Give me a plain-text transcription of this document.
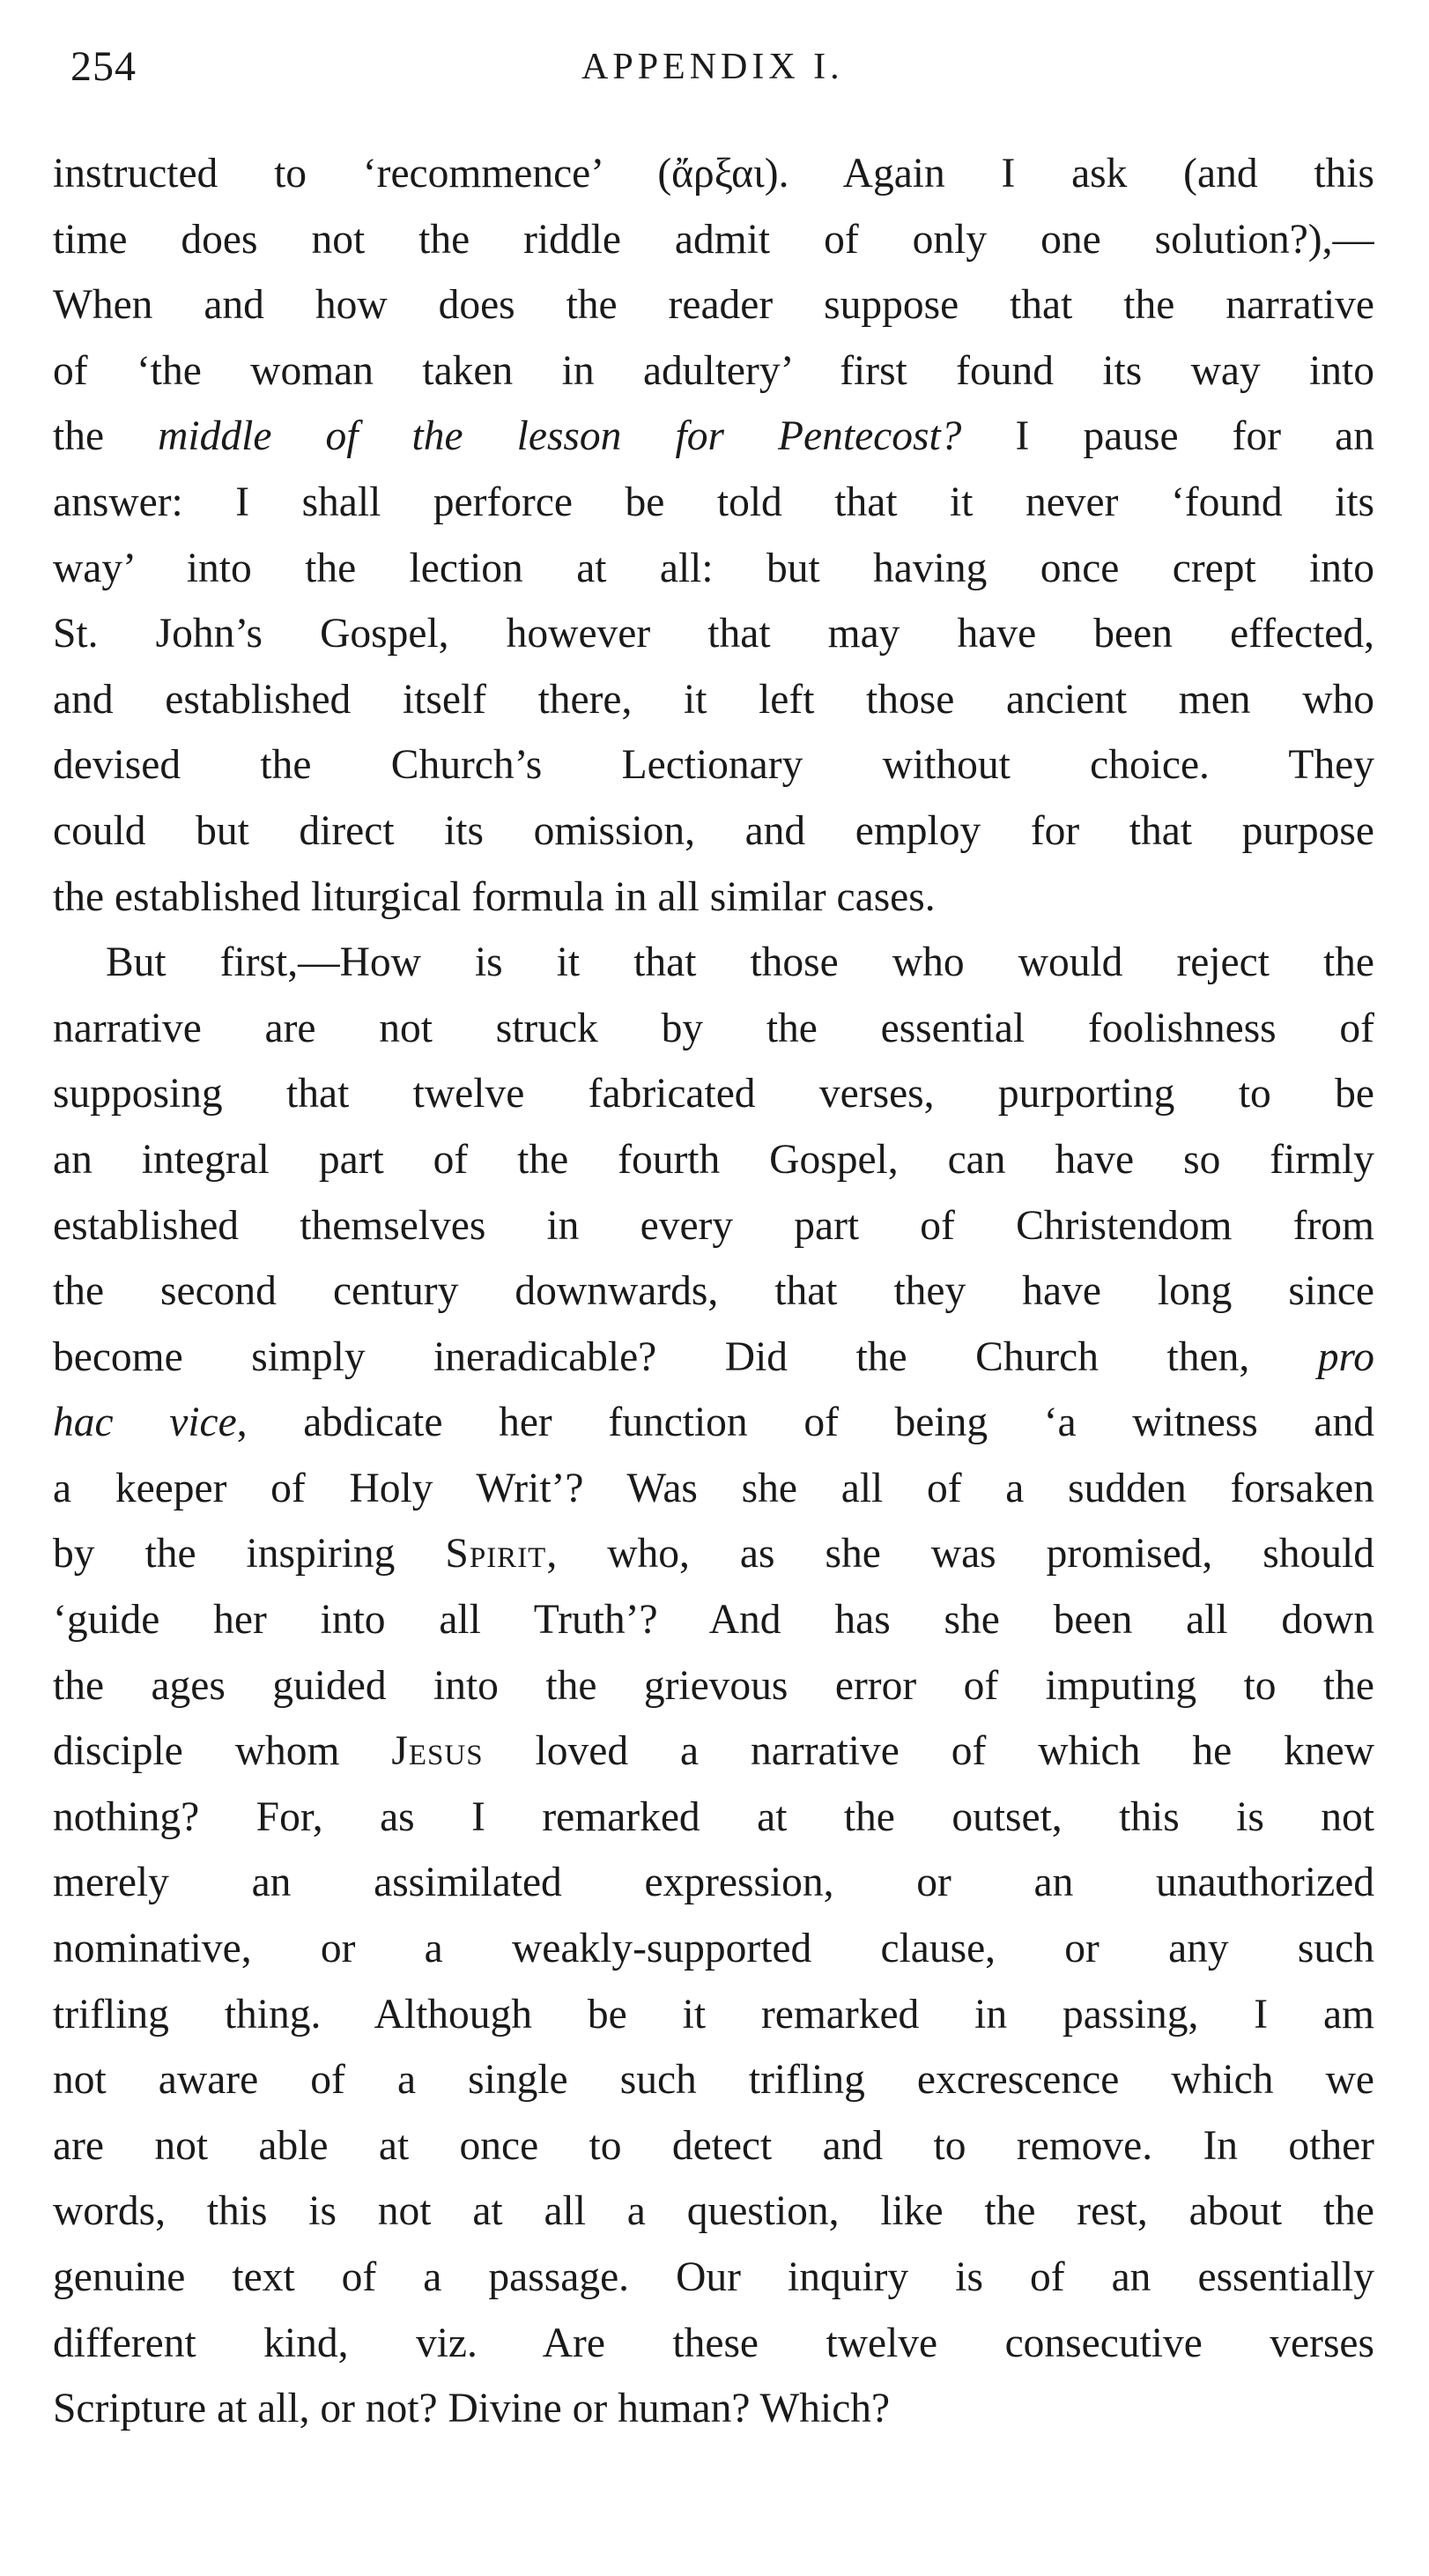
254	APPENDIX I.
instructed to ‘recommence’ (ἄρξαι). Again I ask (and this
time does not the riddle admit of only one solution?),—
When and how does the reader suppose that the narrative
of ‘the woman taken in adultery’ first found its way into
the middle of the lesson for Pentecost? I pause for an
answer: I shall perforce be told that it never ‘found its
way’ into the lection at all: but having once crept into
St. John’s Gospel, however that may have been effected,
and established itself there, it left those ancient men who
devised the Church’s Lectionary without choice. They
could but direct its omission, and employ for that purpose
the established liturgical formula in all similar cases.
But first,—How is it that those who would reject the
narrative are not struck by the essential foolishness of
supposing that twelve fabricated verses, purporting to be
an integral part of the fourth Gospel, can have so firmly
established themselves in every part of Christendom from
the second century downwards, that they have long since
become simply ineradicable? Did the Church then, pro
hac vice, abdicate her function of being ‘a witness and
a keeper of Holy Writ’? Was she all of a sudden forsaken
by the inspiring Spirit, who, as she was promised, should
‘guide her into all Truth’? And has she been all down
the ages guided into the grievous error of imputing to the
disciple whom Jesus loved a narrative of which he knew
nothing? For, as I remarked at the outset, this is not
merely an assimilated expression, or an unauthorized
nominative, or a weakly-supported clause, or any such
trifling thing. Although be it remarked in passing, I am
not aware of a single such trifling excrescence which we
are not able at once to detect and to remove. In other
words, this is not at all a question, like the rest, about the
genuine text of a passage. Our inquiry is of an essentially
different kind, viz. Are these twelve consecutive verses
Scripture at all, or not? Divine or human? Which?
